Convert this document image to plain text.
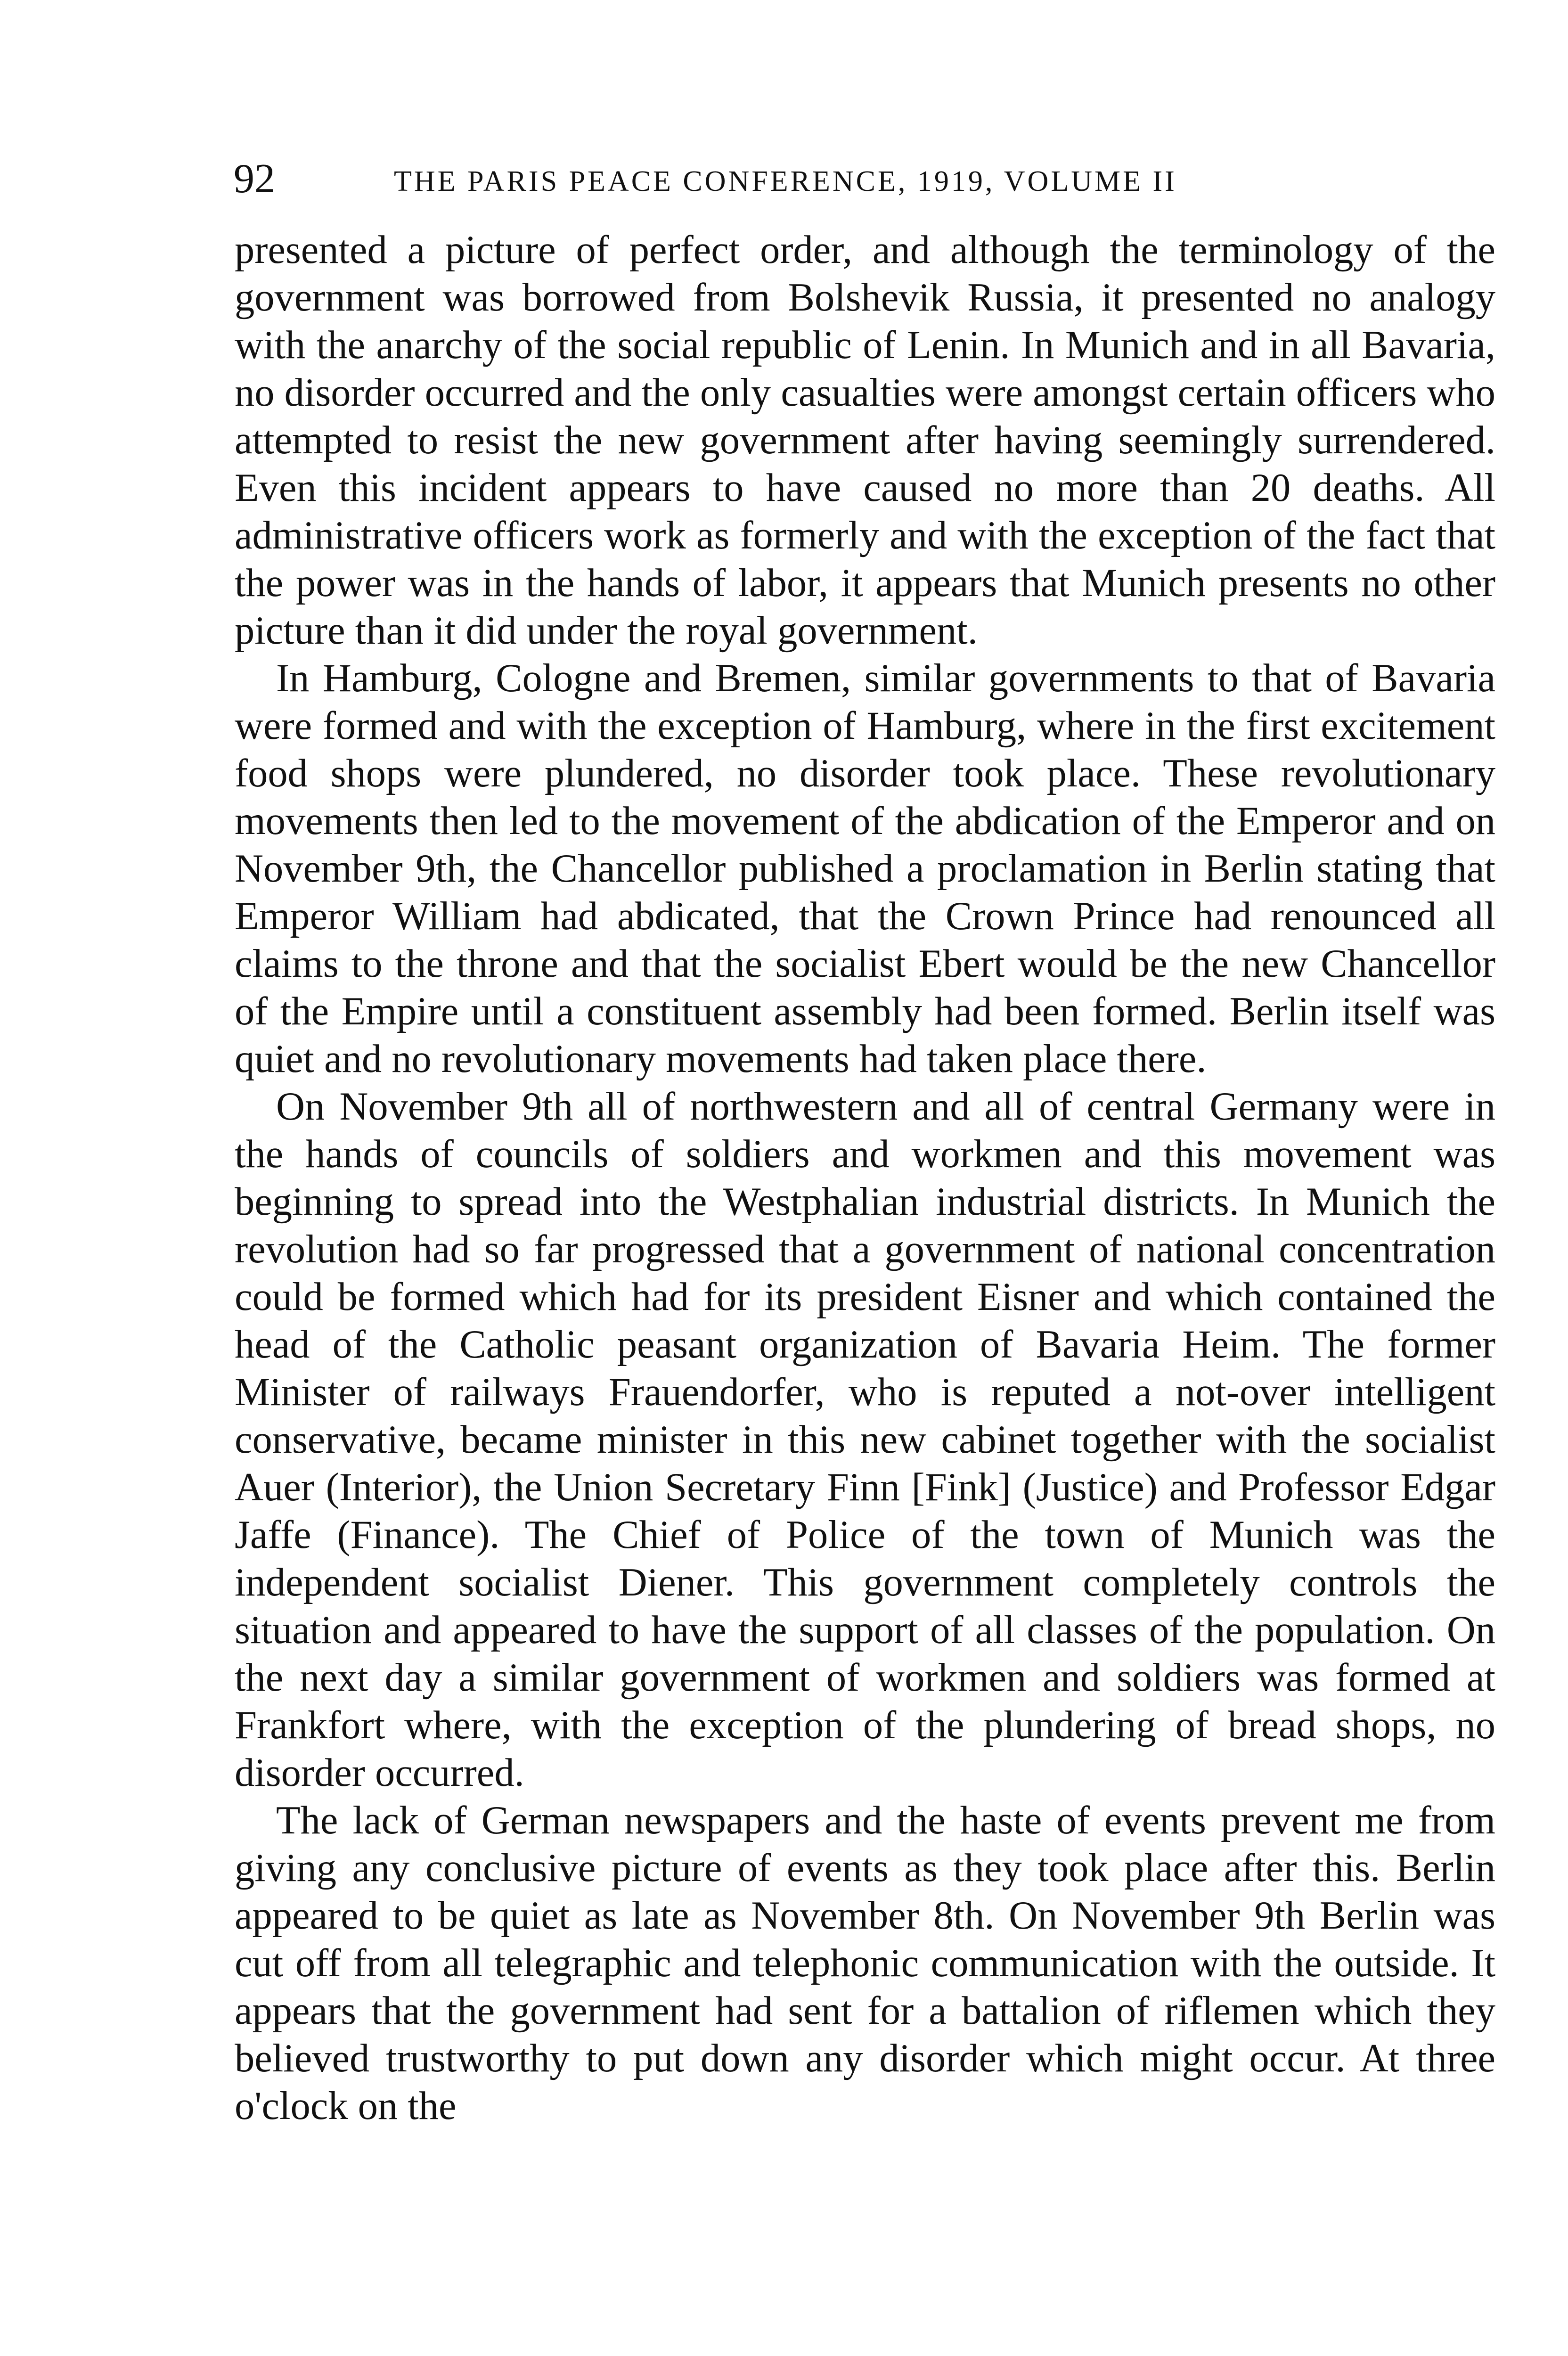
92	THE PARIS PEACE CONFERENCE, 1919, VOLUME II

presented a picture of perfect order, and although the terminology of the government was borrowed from Bolshevik Russia, it presented no analogy with the anarchy of the social republic of Lenin. In Munich and in all Bavaria, no disorder occurred and the only casualties were amongst certain officers who attempted to resist the new government after having seemingly surrendered. Even this incident appears to have caused no more than 20 deaths. All administrative officers work as formerly and with the exception of the fact that the power was in the hands of labor, it appears that Munich presents no other picture than it did under the royal government.

In Hamburg, Cologne and Bremen, similar governments to that of Bavaria were formed and with the exception of Hamburg, where in the first excitement food shops were plundered, no disorder took place. These revolutionary movements then led to the movement of the abdication of the Emperor and on November 9th, the Chancellor published a proclamation in Berlin stating that Emperor William had abdicated, that the Crown Prince had renounced all claims to the throne and that the socialist Ebert would be the new Chancellor of the Empire until a constituent assembly had been formed. Berlin itself was quiet and no revolutionary movements had taken place there.

On November 9th all of northwestern and all of central Germany were in the hands of councils of soldiers and workmen and this movement was beginning to spread into the Westphalian industrial districts. In Munich the revolution had so far progressed that a government of national concentration could be formed which had for its president Eisner and which contained the head of the Catholic peasant organization of Bavaria Heim. The former Minister of railways Frauendorfer, who is reputed a not-over intelligent conservative, became minister in this new cabinet together with the socialist Auer (Interior), the Union Secretary Finn [Fink] (Justice) and Professor Edgar Jaffe (Finance). The Chief of Police of the town of Munich was the independent socialist Diener. This government completely controls the situation and appeared to have the support of all classes of the population. On the next day a similar government of workmen and soldiers was formed at Frankfort where, with the exception of the plundering of bread shops, no disorder occurred.

The lack of German newspapers and the haste of events prevent me from giving any conclusive picture of events as they took place after this. Berlin appeared to be quiet as late as November 8th. On November 9th Berlin was cut off from all telegraphic and telephonic communication with the outside. It appears that the government had sent for a battalion of riflemen which they believed trustworthy to put down any disorder which might occur. At three o'clock on the
